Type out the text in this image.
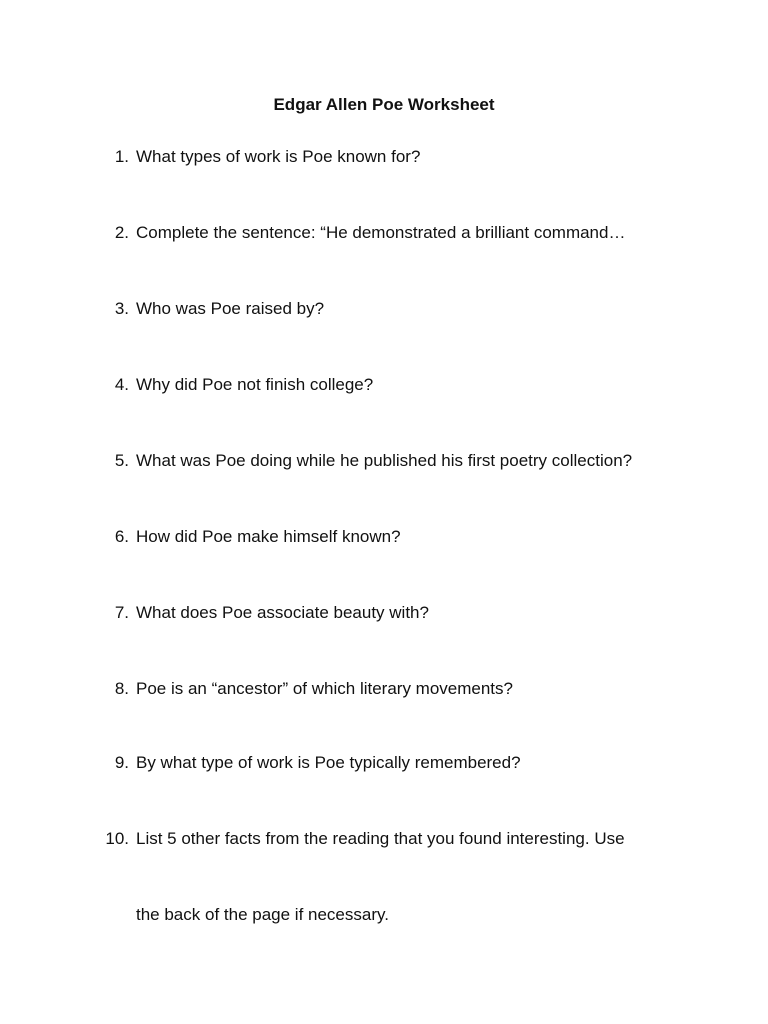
Edgar Allen Poe Worksheet
1. What types of work is Poe known for?
2. Complete the sentence: “He demonstrated a brilliant command…
3. Who was Poe raised by?
4. Why did Poe not finish college?
5. What was Poe doing while he published his first poetry collection?
6. How did Poe make himself known?
7. What does Poe associate beauty with?
8. Poe is an “ancestor” of which literary movements?
9. By what type of work is Poe typically remembered?
10. List 5 other facts from the reading that you found interesting. Use
the back of the page if necessary.
